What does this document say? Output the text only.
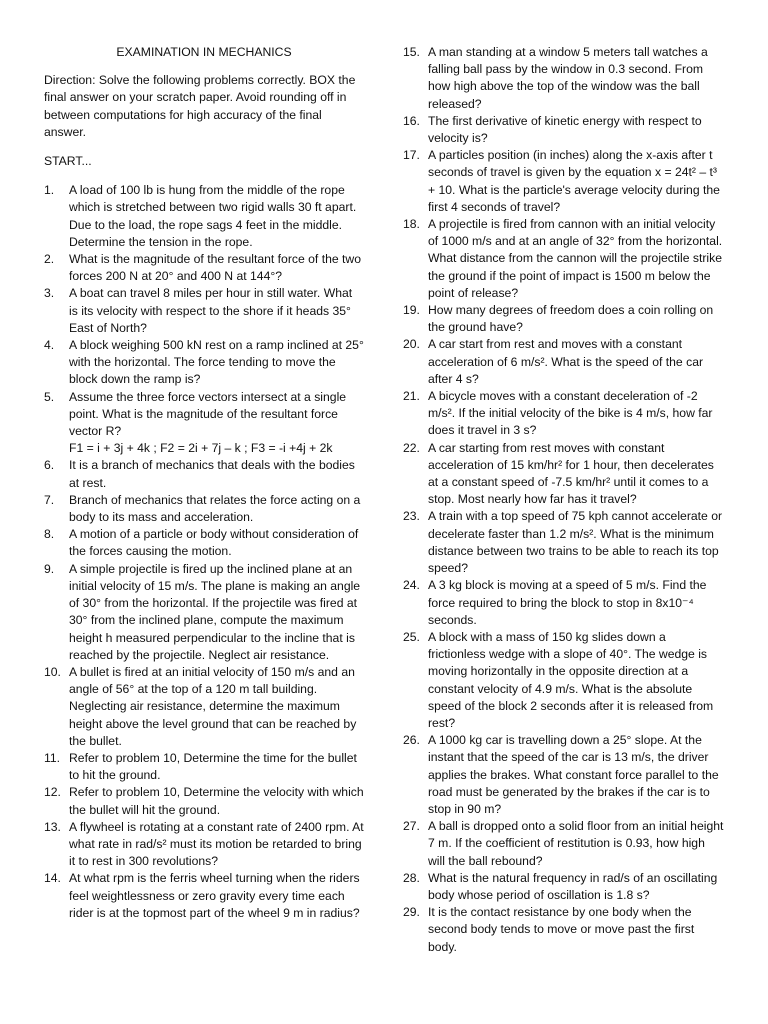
EXAMINATION IN MECHANICS
Direction: Solve the following problems correctly. BOX the final answer on your scratch paper. Avoid rounding off in between computations for high accuracy of the final answer.
START...
1. A load of 100 lb is hung from the middle of the rope which is stretched between two rigid walls 30 ft apart. Due to the load, the rope sags 4 feet in the middle. Determine the tension in the rope.
2. What is the magnitude of the resultant force of the two forces 200 N at 20° and 400 N at 144°?
3. A boat can travel 8 miles per hour in still water. What is its velocity with respect to the shore if it heads 35° East of North?
4. A block weighing 500 kN rest on a ramp inclined at 25° with the horizontal. The force tending to move the block down the ramp is?
5. Assume the three force vectors intersect at a single point. What is the magnitude of the resultant force vector R?
F1 = i + 3j + 4k ; F2 = 2i + 7j – k ; F3 = -i +4j + 2k
6. It is a branch of mechanics that deals with the bodies at rest.
7. Branch of mechanics that relates the force acting on a body to its mass and acceleration.
8. A motion of a particle or body without consideration of the forces causing the motion.
9. A simple projectile is fired up the inclined plane at an initial velocity of 15 m/s. The plane is making an angle of 30° from the horizontal. If the projectile was fired at 30° from the inclined plane, compute the maximum height h measured perpendicular to the incline that is reached by the projectile. Neglect air resistance.
10. A bullet is fired at an initial velocity of 150 m/s and an angle of 56° at the top of a 120 m tall building. Neglecting air resistance, determine the maximum height above the level ground that can be reached by the bullet.
11. Refer to problem 10, Determine the time for the bullet to hit the ground.
12. Refer to problem 10, Determine the velocity with which the bullet will hit the ground.
13. A flywheel is rotating at a constant rate of 2400 rpm. At what rate in rad/s² must its motion be retarded to bring it to rest in 300 revolutions?
14. At what rpm is the ferris wheel turning when the riders feel weightlessness or zero gravity every time each rider is at the topmost part of the wheel 9 m in radius?
15. A man standing at a window 5 meters tall watches a falling ball pass by the window in 0.3 second. From how high above the top of the window was the ball released?
16. The first derivative of kinetic energy with respect to velocity is?
17. A particles position (in inches) along the x-axis after t seconds of travel is given by the equation x = 24t² – t³ + 10. What is the particle's average velocity during the first 4 seconds of travel?
18. A projectile is fired from cannon with an initial velocity of 1000 m/s and at an angle of 32° from the horizontal. What distance from the cannon will the projectile strike the ground if the point of impact is 1500 m below the point of release?
19. How many degrees of freedom does a coin rolling on the ground have?
20. A car start from rest and moves with a constant acceleration of 6 m/s². What is the speed of the car after 4 s?
21. A bicycle moves with a constant deceleration of -2 m/s². If the initial velocity of the bike is 4 m/s, how far does it travel in 3 s?
22. A car starting from rest moves with constant acceleration of 15 km/hr² for 1 hour, then decelerates at a constant speed of -7.5 km/hr² until it comes to a stop. Most nearly how far has it travel?
23. A train with a top speed of 75 kph cannot accelerate or decelerate faster than 1.2 m/s². What is the minimum distance between two trains to be able to reach its top speed?
24. A 3 kg block is moving at a speed of 5 m/s. Find the force required to bring the block to stop in 8x10⁻⁴ seconds.
25. A block with a mass of 150 kg slides down a frictionless wedge with a slope of 40°. The wedge is moving horizontally in the opposite direction at a constant velocity of 4.9 m/s. What is the absolute speed of the block 2 seconds after it is released from rest?
26. A 1000 kg car is travelling down a 25° slope. At the instant that the speed of the car is 13 m/s, the driver applies the brakes. What constant force parallel to the road must be generated by the brakes if the car is to stop in 90 m?
27. A ball is dropped onto a solid floor from an initial height 7 m. If the coefficient of restitution is 0.93, how high will the ball rebound?
28. What is the natural frequency in rad/s of an oscillating body whose period of oscillation is 1.8 s?
29. It is the contact resistance by one body when the second body tends to move or move past the first body.
